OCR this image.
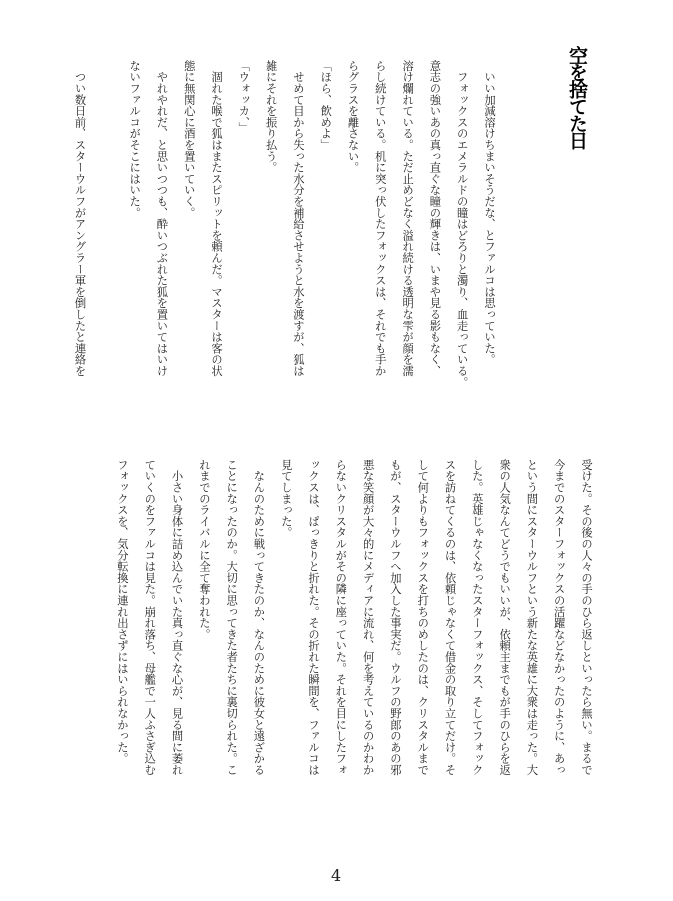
空を捨てた日
　いい加減溶けちまいそうだな、とファルコは思っていた。
　フォックスのエメラルドの瞳はどろりと濁り、血走っている。
意志の強いあの真っ直ぐな瞳の輝きは、いまや見る影もなく、
溶け爛れている。ただ止めどなく溢れ続ける透明な雫が顔を濡
らし続けている。机に突っ伏したフォックスは、それでも手か
らグラスを離さない。
「ほら、飲めよ」
　せめて目から失った水分を補給させようと水を渡すが、狐は
雑にそれを振り払う。
「ウォッカ、」
　涸れた喉で狐はまたスピリットを頼んだ。マスターは客の状
態に無関心に酒を置いていく。
　やれやれだ、と思いつつも、酔いつぶれた狐を置いてはいけ
ないファルコがそこにはいた。

　つい数日前、スターウルフがアングラー軍を倒したと連絡を
受けた。その後の人々の手のひら返しといったら無い。まるで
今までのスターフォックスの活躍などなかったのように、あっ
という間にスターウルフという新たな英雄に大衆は走った。大
衆の人気なんてどうでもいいが、依頼主までもが手のひらを返
した。英雄じゃなくなったスターフォックス、そしてフォック
スを訪ねてくるのは、依頼じゃなくて借金の取り立てだけ。そ
して何よりもフォックスを打ちのめしたのは、クリスタルまで
もが、スターウルフへ加入した事実だ。ウルフの野郎のあの邪
悪な笑顔が大々的にメディアに流れ、何を考えているのかわか
らないクリスタルがその隣に座っていた。それを目にしたフォ
ックスは、ぱっきりと折れた。その折れた瞬間を、ファルコは
見てしまった。
　なんのために戦ってきたのか、なんのために彼女と遠ざかる
ことになったのか。大切に思ってきた者たちに裏切られた。こ
れまでのライバルに全て奪われた。
　小さい身体に詰め込んでいた真っ直ぐな心が、見る間に萎れ
ていくのをファルコは見た。崩れ落ち、母艦で一人ふさぎ込む
フォックスを、気分転換に連れ出さずにはいられなかった。
4
